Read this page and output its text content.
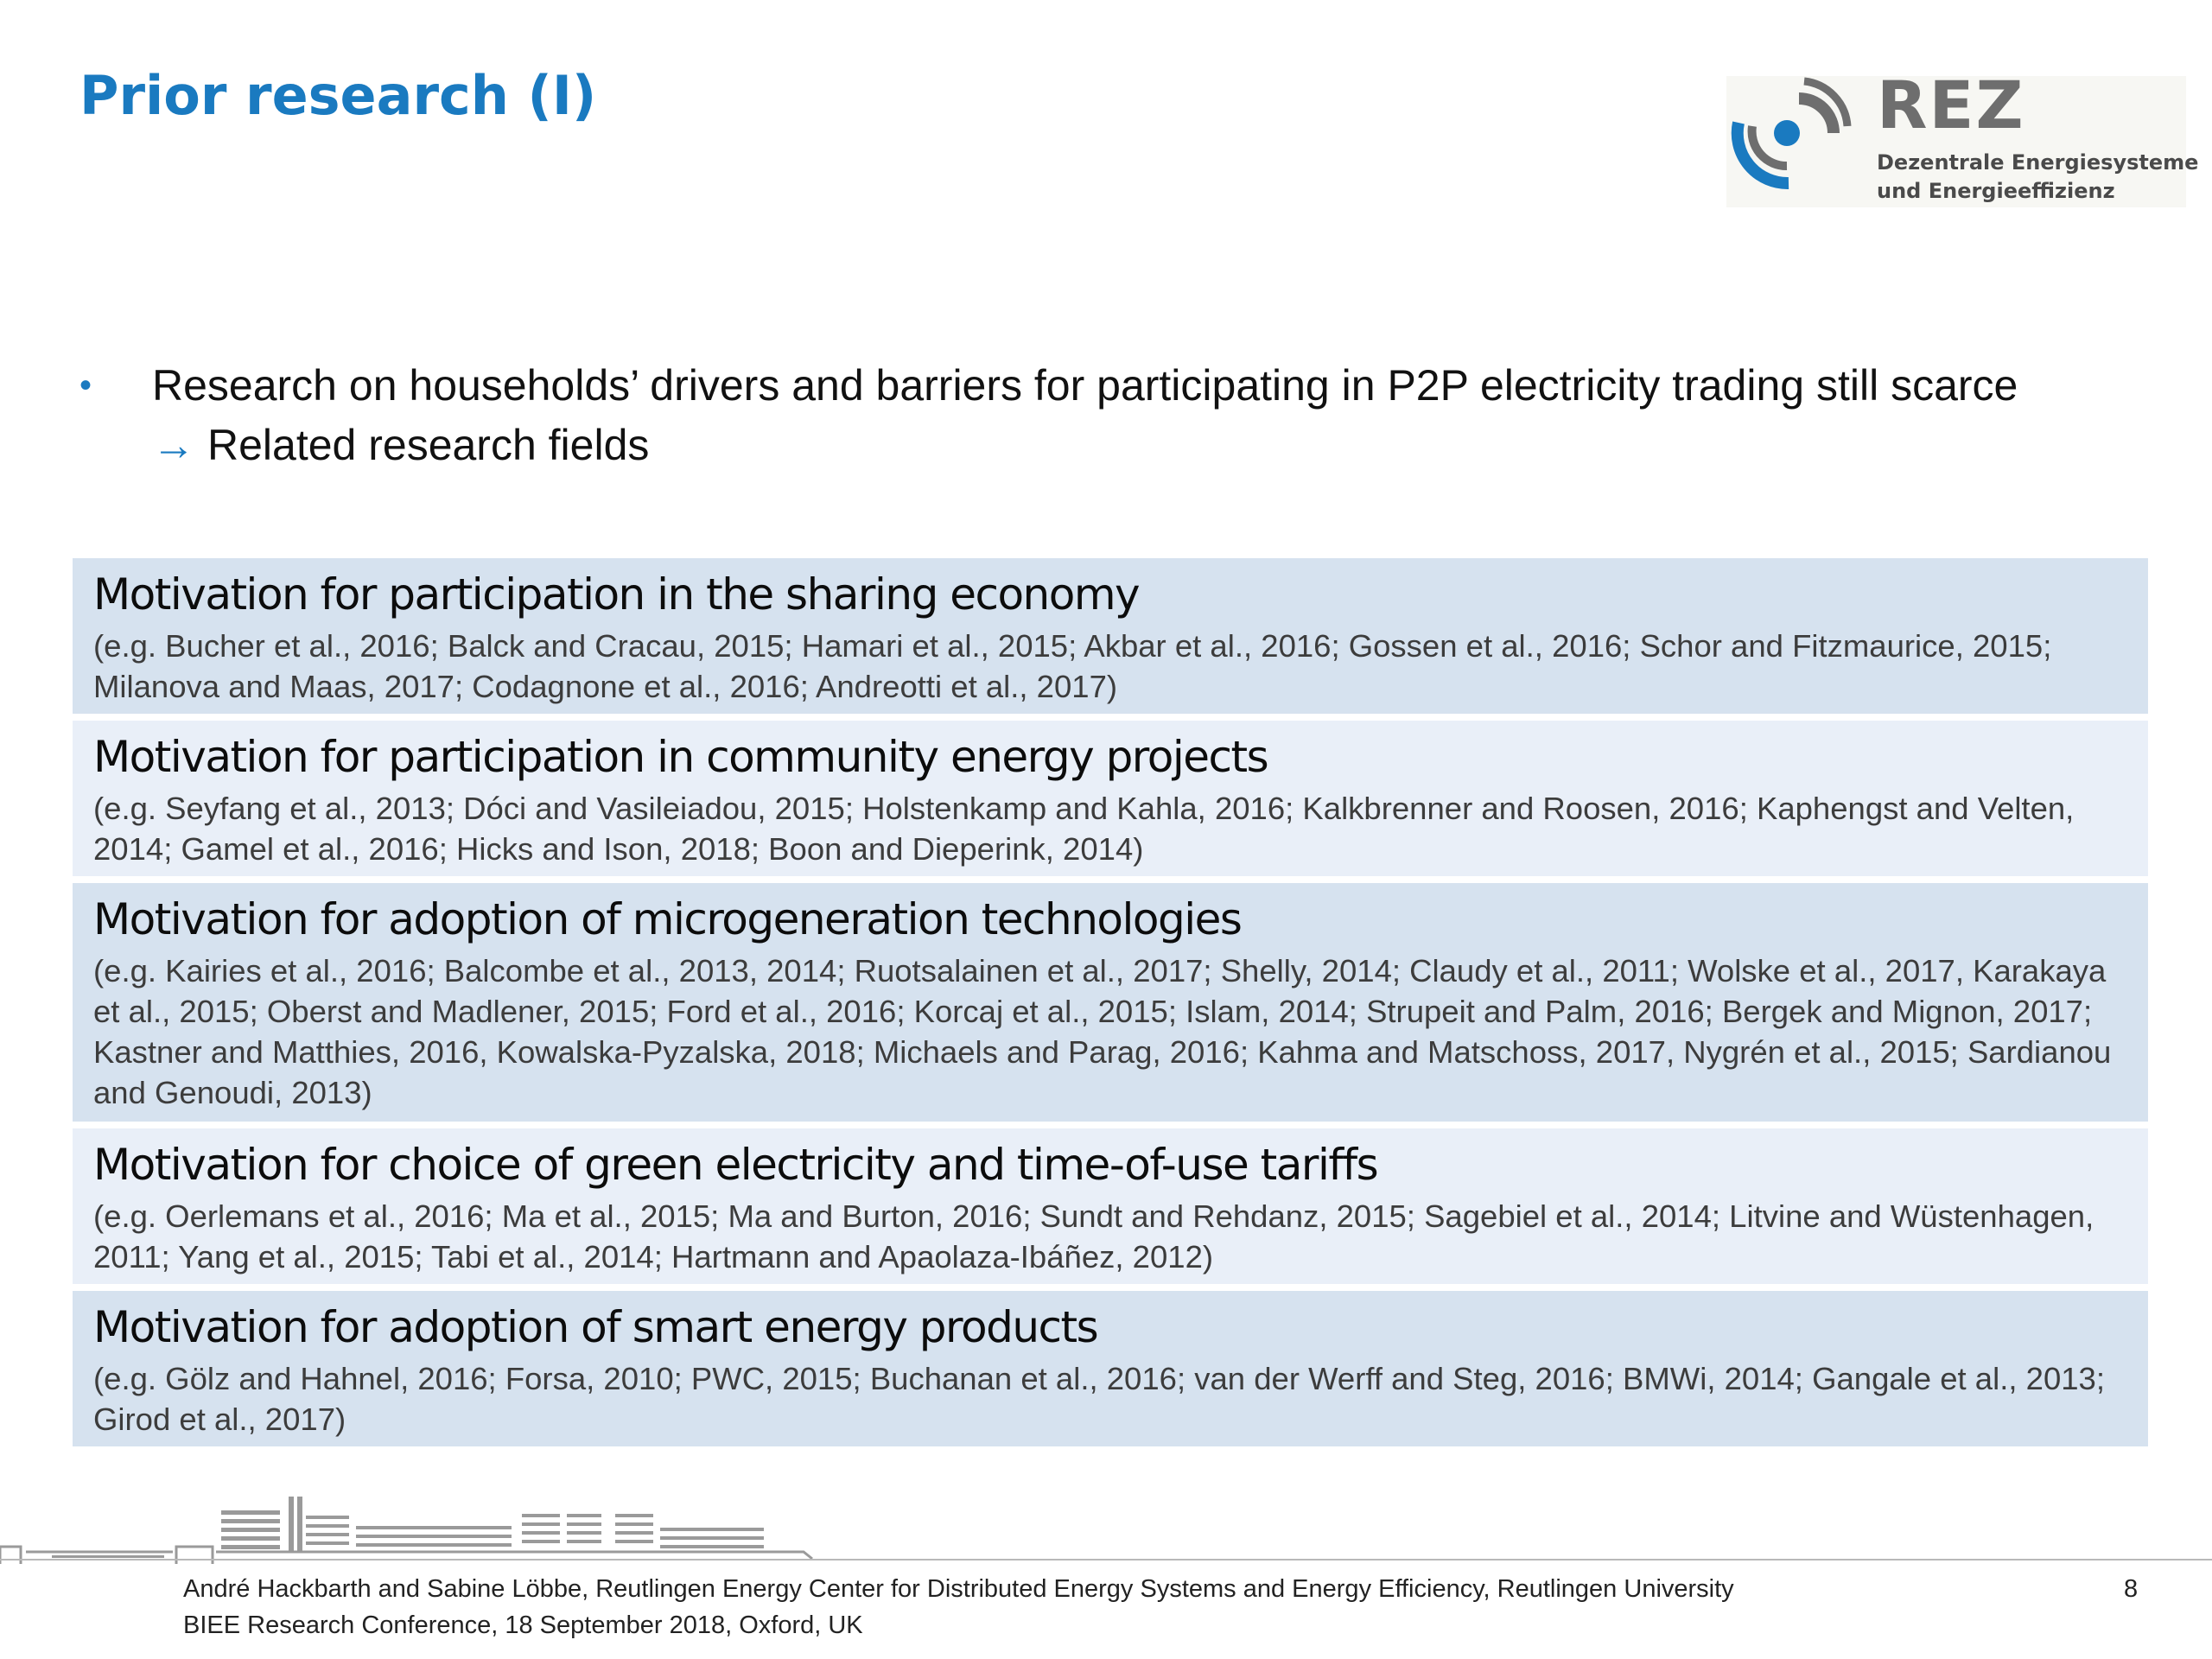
Prior research (I)	REZ
Dezentrale Energiesysteme
und Energieeffizienz
• Research on households’ drivers and barriers for participating in P2P electricity trading still scarce
→ Related research fields
Motivation for participation in the sharing economy
(e.g. Bucher et al., 2016; Balck and Cracau, 2015; Hamari et al., 2015; Akbar et al., 2016; Gossen et al., 2016; Schor and Fitzmaurice, 2015; Milanova and Maas, 2017; Codagnone et al., 2016; Andreotti et al., 2017)
Motivation for participation in community energy projects
(e.g. Seyfang et al., 2013; Dóci and Vasileiadou, 2015; Holstenkamp and Kahla, 2016; Kalkbrenner and Roosen, 2016; Kaphengst and Velten, 2014; Gamel et al., 2016; Hicks and Ison, 2018; Boon and Dieperink, 2014)
Motivation for adoption of microgeneration technologies
(e.g. Kairies et al., 2016; Balcombe et al., 2013, 2014; Ruotsalainen et al., 2017; Shelly, 2014; Claudy et al., 2011; Wolske et al., 2017, Karakaya et al., 2015; Oberst and Madlener, 2015; Ford et al., 2016; Korcaj et al., 2015; Islam, 2014; Strupeit and Palm, 2016; Bergek and Mignon, 2017; Kastner and Matthies, 2016, Kowalska-Pyzalska, 2018; Michaels and Parag, 2016; Kahma and Matschoss, 2017, Nygrén et al., 2015; Sardianou and Genoudi, 2013)
Motivation for choice of green electricity and time-of-use tariffs
(e.g. Oerlemans et al., 2016; Ma et al., 2015; Ma and Burton, 2016; Sundt and Rehdanz, 2015; Sagebiel et al., 2014; Litvine and Wüstenhagen, 2011; Yang et al., 2015; Tabi et al., 2014; Hartmann and Apaolaza-Ibáñez, 2012)
Motivation for adoption of smart energy products
(e.g. Gölz and Hahnel, 2016; Forsa, 2010; PWC, 2015; Buchanan et al., 2016; van der Werff and Steg, 2016; BMWi, 2014; Gangale et al., 2013; Girod et al., 2017)
André Hackbarth and Sabine Löbbe, Reutlingen Energy Center for Distributed Energy Systems and Energy Efficiency, Reutlingen University
BIEE Research Conference, 18 September 2018, Oxford, UK
8
